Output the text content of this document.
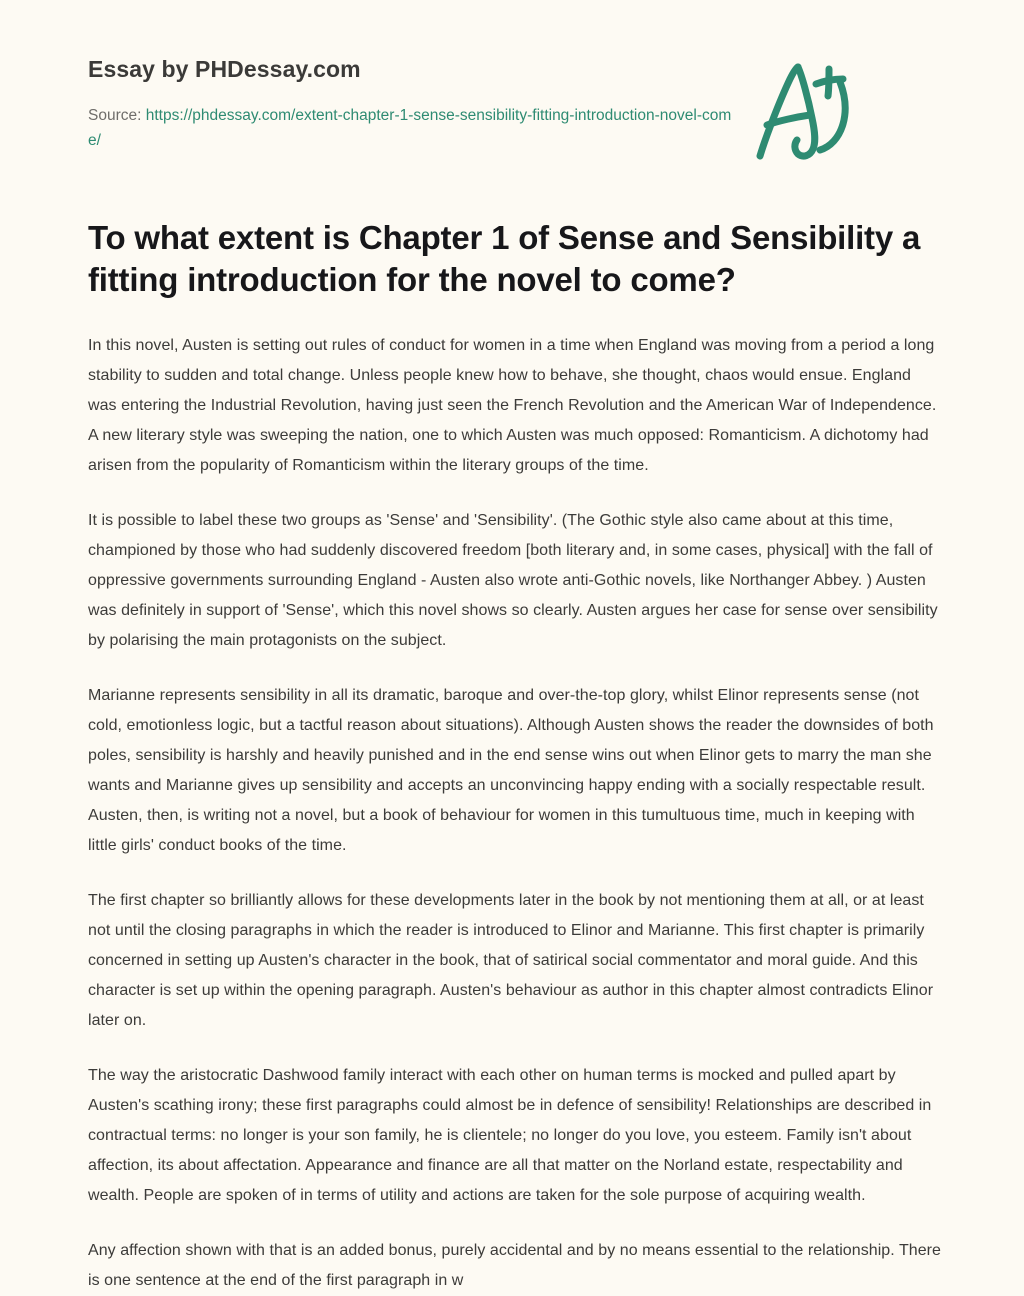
Essay by PHDessay.com
Source: https://phdessay.com/extent-chapter-1-sense-sensibility-fitting-introduction-novel-come/
To what extent is Chapter 1 of Sense and Sensibility a fitting introduction for the novel to come?

In this novel, Austen is setting out rules of conduct for women in a time when England was moving from a period a long stability to sudden and total change. Unless people knew how to behave, she thought, chaos would ensue. England was entering the Industrial Revolution, having just seen the French Revolution and the American War of Independence. A new literary style was sweeping the nation, one to which Austen was much opposed: Romanticism. A dichotomy had arisen from the popularity of Romanticism within the literary groups of the time.

It is possible to label these two groups as 'Sense' and 'Sensibility'. (The Gothic style also came about at this time, championed by those who had suddenly discovered freedom [both literary and, in some cases, physical] with the fall of oppressive governments surrounding England - Austen also wrote anti-Gothic novels, like Northanger Abbey. ) Austen was definitely in support of 'Sense', which this novel shows so clearly. Austen argues her case for sense over sensibility by polarising the main protagonists on the subject.

Marianne represents sensibility in all its dramatic, baroque and over-the-top glory, whilst Elinor represents sense (not cold, emotionless logic, but a tactful reason about situations). Although Austen shows the reader the downsides of both poles, sensibility is harshly and heavily punished and in the end sense wins out when Elinor gets to marry the man she wants and Marianne gives up sensibility and accepts an unconvincing happy ending with a socially respectable result. Austen, then, is writing not a novel, but a book of behaviour for women in this tumultuous time, much in keeping with little girls' conduct books of the time.

The first chapter so brilliantly allows for these developments later in the book by not mentioning them at all, or at least not until the closing paragraphs in which the reader is introduced to Elinor and Marianne. This first chapter is primarily concerned in setting up Austen's character in the book, that of satirical social commentator and moral guide. And this character is set up within the opening paragraph. Austen's behaviour as author in this chapter almost contradicts Elinor later on.

The way the aristocratic Dashwood family interact with each other on human terms is mocked and pulled apart by Austen's scathing irony; these first paragraphs could almost be in defence of sensibility! Relationships are described in contractual terms: no longer is your son family, he is clientele; no longer do you love, you esteem. Family isn't about affection, its about affectation. Appearance and finance are all that matter on the Norland estate, respectability and wealth. People are spoken of in terms of utility and actions are taken for the sole purpose of acquiring wealth.

Any affection shown with that is an added bonus, purely accidental and by no means essential to the relationship. There is one sentence at the end of the first paragraph in w
